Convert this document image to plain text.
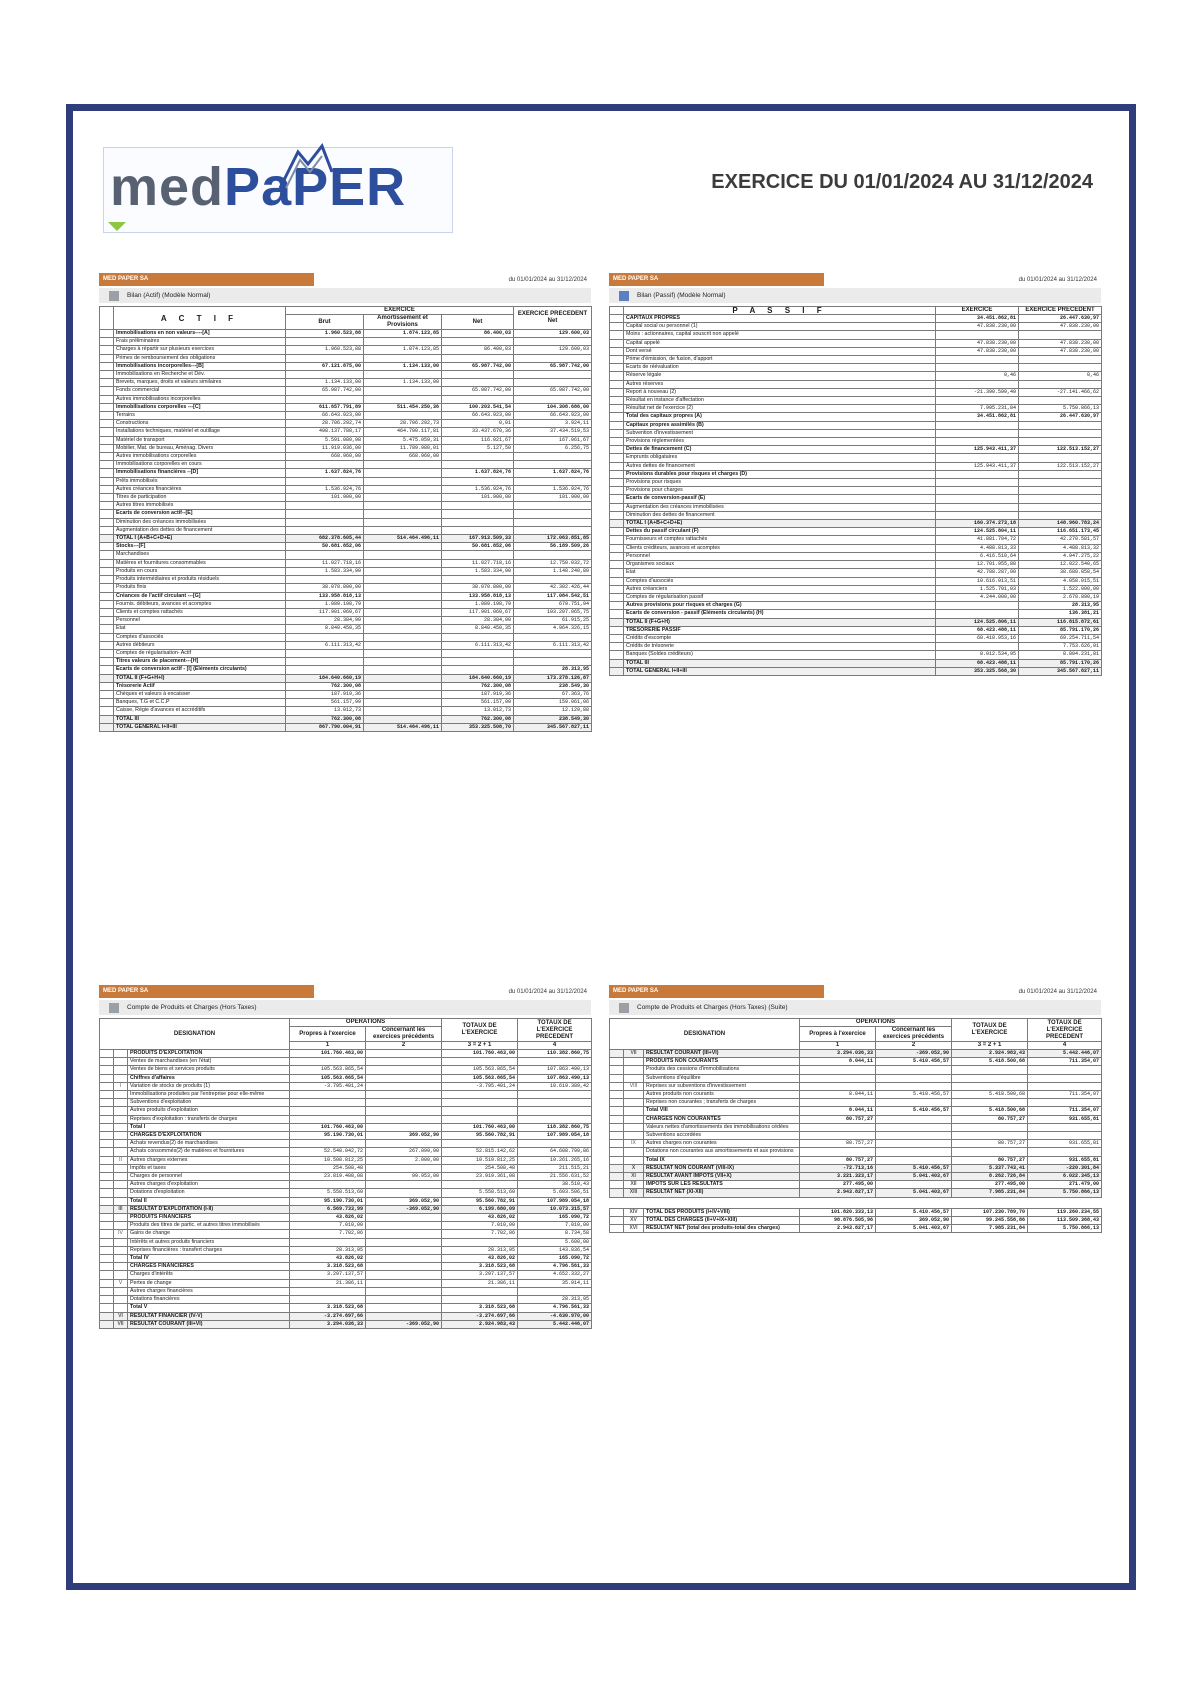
medPaPER	EXERCICE DU 01/01/2024 AU 31/12/2024
MED PAPER SA	du 01/01/2024 au 31/12/2024
Bilan (Actif) (Modèle Normal)
	A C T I F	EXERCICE			EXERCICE PRECEDENT Net
		Brut	Amortissement et Provisions	Net	
	Immobilisations en non valeurs----[A]	1.960.523,88	1.874.123,85	86.400,03	129.600,03
	Frais préliminaires				
	Charges à répartir sur plusieurs exercices	1.960.523,88	1.874.123,85	86.400,03	129.600,03
	Primes de remboursement des obligations				
	Immobilisations incorporelles---[B]	67.121.875,00	1.134.133,00	65.987.742,00	65.987.742,00
	Immobilisations en Recherche et Dév.				
	Brevets, marques, droits et valeurs similaires	1.134.133,00	1.134.133,00		
	Fonds commercial	65.987.742,00		65.987.742,00	65.987.742,00
	Autres immobilisations incorporelles				
	Immobilisations corporelles ---[C]	611.657.791,89	511.454.250,36	100.203.541,54	104.308.686,00
	Terrains	66.643.923,00		66.643.923,00	66.643.923,00
	Constructions	28.706.292,74	28.706.292,73	0,01	3.924,11
	Installations techniques, matériel et outillage	498.137.788,17	464.700.117,81	33.437.670,36	37.434.519,53
	Matériel de transport	5.591.080,98	5.475.059,31	116.021,67	167.061,67
	Mobilier, Mat. de bureau, Aménag. Divers	11.919.036,00	11.789.980,01	5.127,50	6.256,75
	Autres immobilisations corporelles	668.960,00	668.960,00		
	Immobilisations corporelles en cours				
	Immobilisations financières --[D]	1.637.824,76		1.637.824,76	1.637.824,76
	Prêts immobilisés				
	Autres créances financières	1.536.924,76		1.536.924,76	1.536.924,76
	Titres de participation	101.900,00		101.900,00	101.900,00
	Autres titres immobilisés				
	Ecarts de conversion actif--[E]				
	Diminution des créances immobilisées				
	Augmentation des dettes de financement				
	TOTAL I (A+B+C+D+E)	682.378.605,44	514.464.496,11	167.913.509,33	172.063.851,85
	Stocks---[F]	50.681.852,06		50.681.852,06	56.189.509,26
	Marchandises				
	Matières et fournitures consommables	11.027.718,16		11.027.718,16	12.750.032,72
	Produits en cours	1.583.334,90		1.583.334,90	1.148.240,80
	Produits intermédiaires et produits résiduels				
	Produits finis	38.070.800,00		38.070.800,00	42.302.426,44
	Créances de l'actif circulant ---[G]	133.958.818,13		133.958.818,13	117.084.542,51
	Fournis. débiteurs, avances et acomptes	1.089.198,79		1.089.198,79	679.751,94
	Clients et comptes rattachés	117.901.060,67		117.901.060,67	103.207.065,75
	Personnel	28.384,90		28.384,90	61.915,25
	Etat	8.840.450,35		8.840.450,35	4.964.326,15
	Comptes d'associés				
	Autres débiteurs	6.111.313,42		6.111.313,42	6.111.313,42
	Comptes de régularisation- Actif				
	Titres valeurs de placement---[H]				
	Ecarts de conversion actif - [I] (Eléments circulants)				28.313,95
	TOTAL II (F+G+H+I)	184.640.660,19		184.640.660,19	173.278.126,87
	Trésorerie Actif	762.300,08		762.300,08	238.549,30
	Chèques et valeurs à encaisser	187.919,36		187.919,36	67.363,76
	Banques, T.G et C.C.P	561.157,99		561.157,99	159.061,06
	Caisse, Régie d'avances et accréditifs	13.012,73		13.012,73	12.129,88
	TOTAL III	762.300,08		762.300,08	238.549,30
	TOTAL GENERAL I+II+III	867.790.004,91	514.464.496,11	353.325.508,70	345.567.827,11
MED PAPER SA	du 01/01/2024 au 31/12/2024
Bilan (Passif) (Modèle Normal)
	P A S S I F	EXERCICE	EXERCICE PRECEDENT
	CAPITAUX PROPRES	34.451.862,81	26.447.630,97
	Capital social ou personnel (1)	47.838.230,00	47.838.230,00
	Moins : actionnaires, capital souscrit non appelé		
	Capital appelé	47.838.230,00	47.838.230,00
	Dont versé	47.838.230,00	47.838.230,00
	Prime d'émission, de fusion, d'apport		
	Ecarts de réévaluation		
	Réserve légale	0,46	0,46
	Autres réserves		
	Report à nouveau (2)	-21.390.599,49	-27.141.466,62
	Résultat en instance d'affectation		
	Résultat net de l'exercice (2)	7.995.231,84	5.750.866,13
	Total des capitaux propres (A)	34.451.862,81	26.447.630,97
	Capitaux propres assimilés (B)		
	Subvention d'investissement		
	Provisions réglementées		
	Dettes de financement (C)	125.943.411,37	122.513.152,27
	Emprunts obligataires		
	Autres dettes de financement	125.943.411,37	122.513.152,27
	Provisions durables pour risques et charges (D)		
	Provisions pour risques		
	Provisions pour charges		
	Ecarts de conversion-passif (E)		
	Augmentation des créances immobilisées		
	Diminution des dettes de financement		
	TOTAL I (A+B+C+D+E)	160.374.273,18	148.960.783,24
	Dettes du passif circulant (F)	124.525.804,11	116.651.173,45
	Fournisseurs et comptes rattachés	41.881.704,72	42.270.581,57
	Clients créditeurs, avances et acomptes	4.488.813,33	4.488.813,32
	Personnel	6.416.510,64	4.947.275,22
	Organismes sociaux	12.701.955,88	12.022.540,65
	Etat	42.788.287,00	38.680.858,54
	Comptes d'associés	10.616.013,51	4.058.015,51
	Autres créanciers	1.525.701,03	1.522.000,00
	Comptes de régularisation passif	4.244.000,00	2.670.890,19
	Autres provisions pour risques et charges (G)		28.313,95
	Ecarts de conversion - passif (Eléments circulants) (H)		136.381,21
	TOTAL II (F+G+H)	124.525.806,11	116.815.872,61
	TRESORERIE PASSIF	68.423.488,11	85.791.170,26
	Crédits d'escompte	60.410.953,16	69.254.711,54
	Crédits de trésorerie		7.753.626,91
	Banques (Soldes créditeurs)	8.012.534,95	8.804.231,81
	TOTAL III	68.423.488,11	85.791.170,26
	TOTAL GENERAL I+II+III	353.325.568,30	345.567.827,11
MED PAPER SA	du 01/01/2024 au 31/12/2024
Compte de Produits et Charges (Hors Taxes)
DESIGNATION			OPERATIONS		TOTAUX DE L'EXERCICE	TOTAUX DE L'EXERCICE PRECEDENT
			Propres à l'exercice	Concernant les exercices précédents		
			1	2	3 = 2 + 1	4
		PRODUITS D'EXPLOITATION	101.760.463,00		101.760.463,00	110.382.860,75
		Ventes de marchandises (en l'état)				
		Ventes de biens et services produits	105.563.865,54		105.563.865,54	107.863.490,13
		Chiffres d'affaires	105.563.865,54		105.563.865,54	107.863.490,13
	I	Variation de stocks de produits (1)	-3.795.401,24		-3.795.401,24	10.619.389,42
		Immobilisations produites par l'entreprise pour elle-même				
		Subventions d'exploitation				
		Autres produits d'exploitation				
		Reprises d'exploitation : transferts de charges				
		Total I	101.760.463,00		101.760.463,00	118.382.860,75
		CHARGES D'EXPLOITATION	95.190.730,01	369.052,90	95.560.782,91	107.989.054,18
		Achats revendus(2) de marchandises				
		Achats consommés(2) de matières et fournitures	52.548.042,72	267.099,90	52.815.142,62	64.608.799,86
	II	Autres charges externes	10.508.812,25	2.000,00	10.510.812,25	10.261.265,16
		Impôts et taxes	254.508,48		254.508,48	211.515,21
		Charges de personnel	23.819.408,08	99.953,00	23.919.361,08	21.556.631,52
		Autres charges d'exploitation				38.510,43
		Dotations d'exploitation	5.558.513,60		5.558.513,60	5.603.506,51
		Total II	95.190.730,01	369.052,90	95.560.782,91	107.989.054,18
	III	RESULTAT D'EXPLOITATION (I-II)	6.569.733,99	-369.052,90	6.199.680,09	10.073.315,57
		PRODUITS FINANCIERS	43.826,02		43.826,02	165.090,72
		Produits des titres de partic. et autres titres immobilisés	7.010,00		7.010,00	7.010,00
	IV	Gains de change	7.702,06		7.702,06	8.734,58
		Intérêts et autres produits financiers				5.600,00
		Reprises financières : transfert charges	28.313,95		28.313,95	143.836,54
		Total IV	43.826,02		43.826,02	165.090,72
		CHARGES FINANCIERES	3.318.523,68		3.318.523,68	4.796.561,33
		Charges d'intérêts	3.297.137,57		3.297.137,57	4.652.332,27
	V	Pertes de change	21.386,11		21.386,11	35.914,11
		Autres charges financières				
		Dotations financières				28.313,95
		Total V	3.318.523,68		3.318.523,68	4.796.561,33
	VI	RESULTAT FINANCIER (IV-V)	-3.274.697,66		-3.274.697,66	-4.630.970,00
	VII	RESULTAT COURANT (III+VI)	3.294.036,33	-369.052,90	2.924.983,43	5.442.446,07
MED PAPER SA	du 01/01/2024 au 31/12/2024
Compte de Produits et Charges (Hors Taxes) (Suite)
DESIGNATION			OPERATIONS		TOTAUX DE L'EXERCICE	TOTAUX DE L'EXERCICE PRECEDENT
			Propres à l'exercice	Concernant les exercices précédents		
			1	2	3 = 2 + 1	4
	VII	RESULTAT COURANT (III+VI)	3.294.036,33	-369.052,90	2.924.983,43	5.442.446,07
		PRODUITS NON COURANTS	8.044,11	5.410.456,57	5.418.500,68	711.354,07
		Produits des cessions d'immobilisations				
		Subventions d'équilibre				
	VIII	Reprises sur subventions d'investissement				
		Autres produits non courants	8.044,11	5.410.456,57	5.418.500,68	711.354,07
		Reprises non courantes ; transferts de charges				
		Total VIII	8.044,11	5.410.456,57	5.418.500,68	711.354,07
		CHARGES NON COURANTES	80.757,27		80.757,27	931.655,81
		Valeurs nettes d'amortissements des immobilisations cédées				
		Subventions accordées				
	IX	Autres charges non courantes	80.757,27		80.757,27	931.655,81
		Dotations non courantes aux amortissements et aux provisions				
		Total IX	80.757,27		80.757,27	931.655,81
	X	RESULTAT NON COURANT (VIII-IX)	-72.713,16	5.410.456,57	5.337.743,41	-220.301,84
	XI	RESULTAT AVANT IMPOTS (VII+X)	3.221.323,17	5.041.403,67	8.262.726,84	6.022.345,13
	XII	IMPOTS SUR LES RESULTATS	277.495,00		277.495,00	271.479,00
	XIII	RESULTAT NET (XI-XII)	2.943.827,17	5.041.403,67	7.985.231,84	5.750.866,13
	XIV	TOTAL DES PRODUITS (I+IV+VIII)	101.820.333,13	5.410.456,57	107.230.789,70	119.260.234,55
	XV	TOTAL DES CHARGES (II+V+IX+XIII)	98.876.505,96	369.052,90	99.245.558,86	113.509.368,43
	XVI	RESULTAT NET (total des produits-total des charges)	2.943.827,17	5.041.403,67	7.985.231,84	5.750.866,13
